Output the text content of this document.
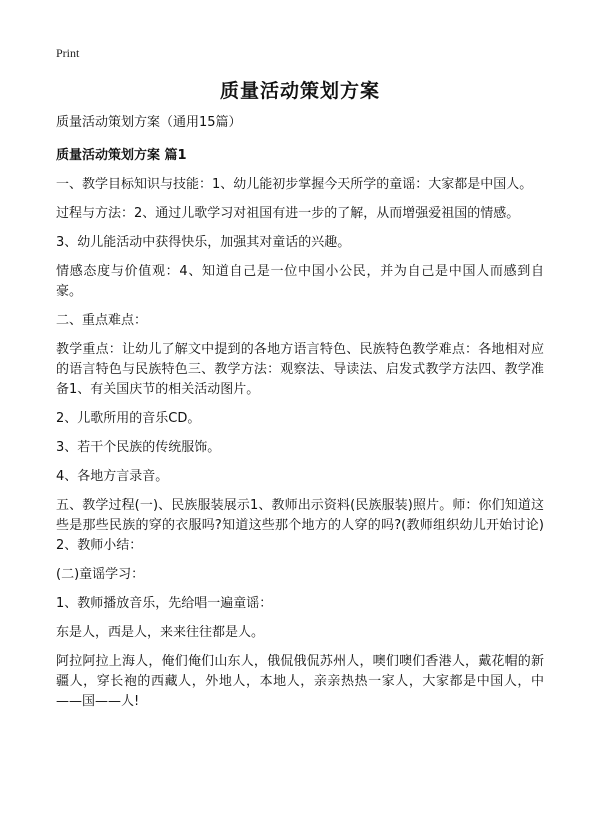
Print
质量活动策划方案
质量活动策划方案（通用15篇）
质量活动策划方案 篇1

一、教学目标知识与技能：1、幼儿能初步掌握今天所学的童谣：大家都是中国人。

过程与方法：2、通过儿歌学习对祖国有进一步的了解，从而增强爱祖国的情感。

3、幼儿能活动中获得快乐，加强其对童话的兴趣。

情感态度与价值观：4、知道自己是一位中国小公民，并为自己是中国人而感到自豪。

二、重点难点：

教学重点：让幼儿了解文中提到的各地方语言特色、民族特色教学难点：各地相对应的语言特色与民族特色三、教学方法：观察法、导读法、启发式教学方法四、教学准备1、有关国庆节的相关活动图片。

2、儿歌所用的音乐CD。

3、若干个民族的传统服饰。

4、各地方言录音。

五、教学过程(一)、民族服装展示1、教师出示资料(民族服装)照片。师：你们知道这些是那些民族的穿的衣服吗?知道这些那个地方的人穿的吗?(教师组织幼儿开始讨论)2、教师小结：

(二)童谣学习：

1、教师播放音乐，先给唱一遍童谣：

东是人，西是人，来来往往都是人。

阿拉阿拉上海人，俺们俺们山东人，俄侃俄侃苏州人，噢们噢们香港人，戴花帽的新疆人，穿长袍的西藏人，外地人，本地人，亲亲热热一家人，大家都是中国人，中——国——人!
